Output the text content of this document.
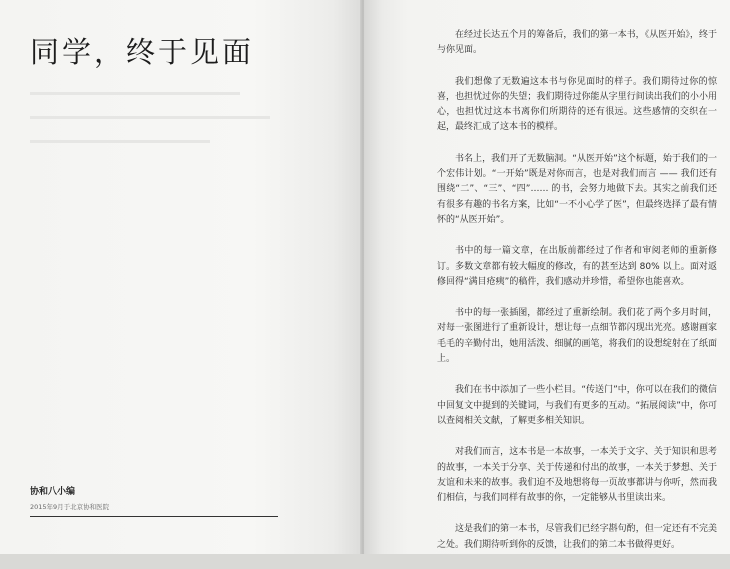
同学，终于见面
协和八小编
2015年9月于北京协和医院

在经过长达五个月的筹备后，我们的第一本书，《从医开始》，终于与你见面。

我们想像了无数遍这本书与你见面时的样子。我们期待过你的惊喜，也担忧过你的失望；我们期待过你能从字里行间读出我们的小小用心，也担忧过这本书离你们所期待的还有很远。这些感情的交织在一起，最终汇成了这本书的模样。

书名上，我们开了无数脑洞。“从医开始”这个标题，始于我们的一个宏伟计划。“一开始”既是对你而言，也是对我们而言 —— 我们还有围绕“二”、“三”、“四”…… 的书，会努力地做下去。其实之前我们还有很多有趣的书名方案，比如“一不小心学了医”，但最终选择了最有情怀的“从医开始”。

书中的每一篇文章，在出版前都经过了作者和审阅老师的重新修订。多数文章都有较大幅度的修改，有的甚至达到 80% 以上。面对返修回得“满目疮痍”的稿件，我们感动并珍惜，希望你也能喜欢。

书中的每一张插图，都经过了重新绘制。我们花了两个多月时间，对每一张图进行了重新设计，想让每一点细节都闪现出光亮。感谢画家毛毛的辛勤付出，她用活泼、细腻的画笔，将我们的设想绽射在了纸面上。

我们在书中添加了一些小栏目。“传送门”中，你可以在我们的微信中回复文中提到的关键词，与我们有更多的互动。“拓展阅读”中，你可以查阅相关文献，了解更多相关知识。

对我们而言，这本书是一本故事，一本关于文字、关于知识和思考的故事，一本关于分享、关于传递和付出的故事，一本关于梦想、关于友谊和未来的故事。我们迫不及地想将每一页故事都讲与你听，然而我们相信，与我们同样有故事的你，一定能够从书里读出来。

这是我们的第一本书，尽管我们已经字斟句酌，但一定还有不完美之处。我们期待听到你的反馈，让我们的第二本书做得更好。
